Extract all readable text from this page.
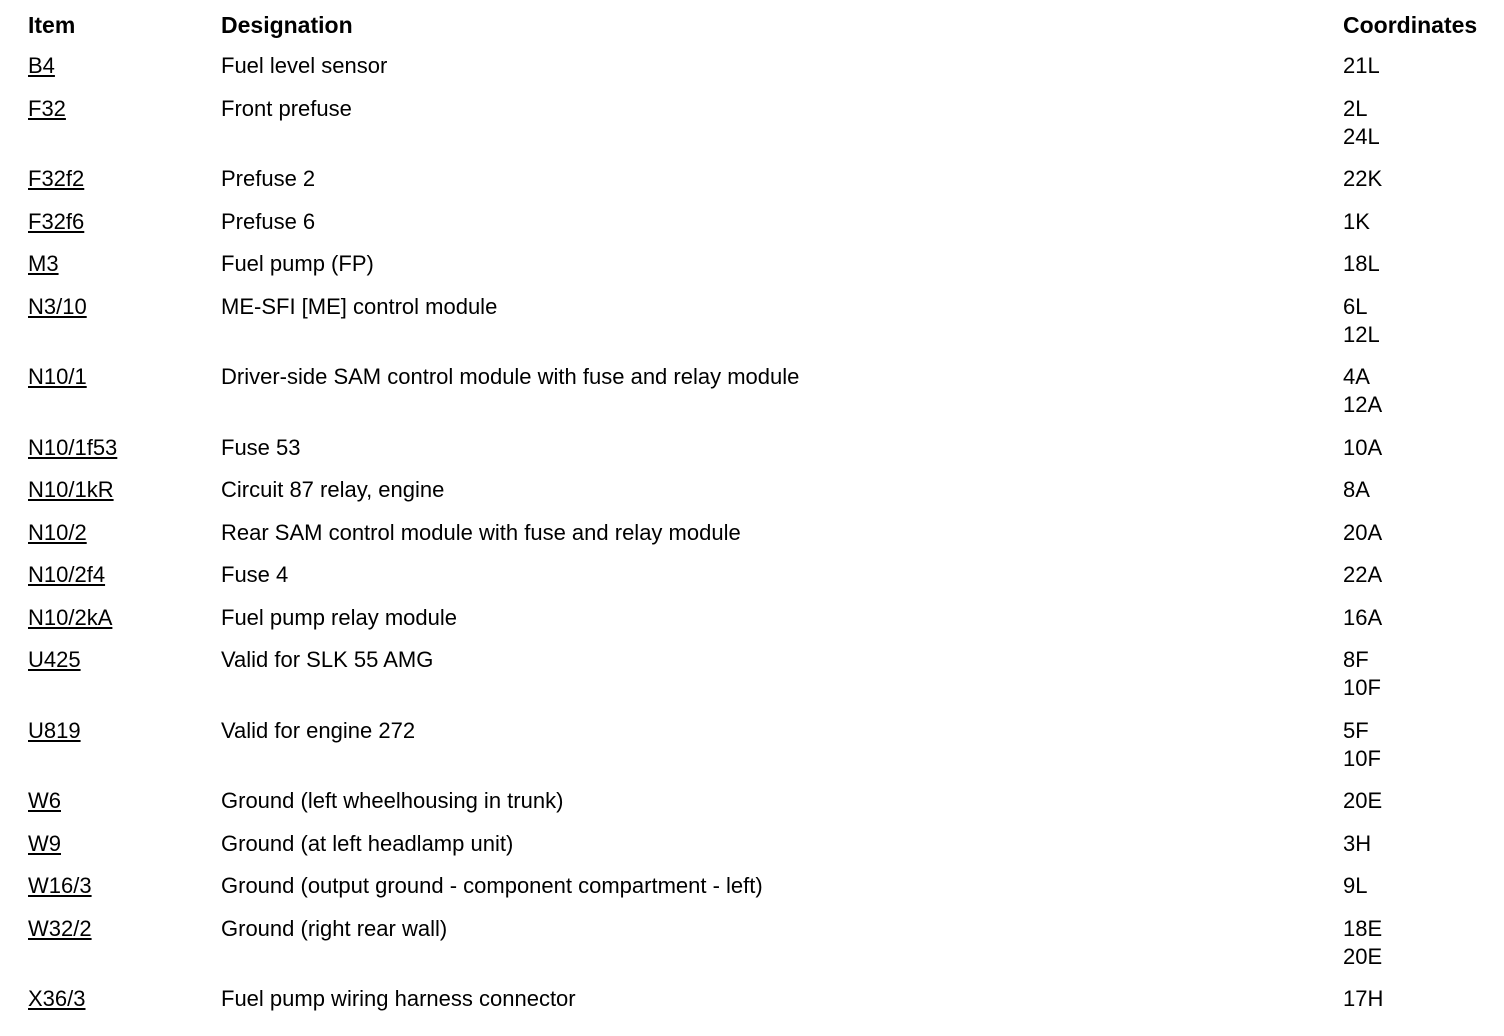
Item	Designation	Coordinates
B4	Fuel level sensor	21L
F32	Front prefuse	2L
24L
F32f2	Prefuse 2	22K
F32f6	Prefuse 6	1K
M3	Fuel pump (FP)	18L
N3/10	ME-SFI [ME] control module	6L
12L
N10/1	Driver-side SAM control module with fuse and relay module	4A
12A
N10/1f53	Fuse 53	10A
N10/1kR	Circuit 87 relay, engine	8A
N10/2	Rear SAM control module with fuse and relay module	20A
N10/2f4	Fuse 4	22A
N10/2kA	Fuel pump relay module	16A
U425	Valid for SLK 55 AMG	8F
10F
U819	Valid for engine 272	5F
10F
W6	Ground (left wheelhousing in trunk)	20E
W9	Ground (at left headlamp unit)	3H
W16/3	Ground (output ground - component compartment - left)	9L
W32/2	Ground (right rear wall)	18E
20E
X36/3	Fuel pump wiring harness connector	17H
